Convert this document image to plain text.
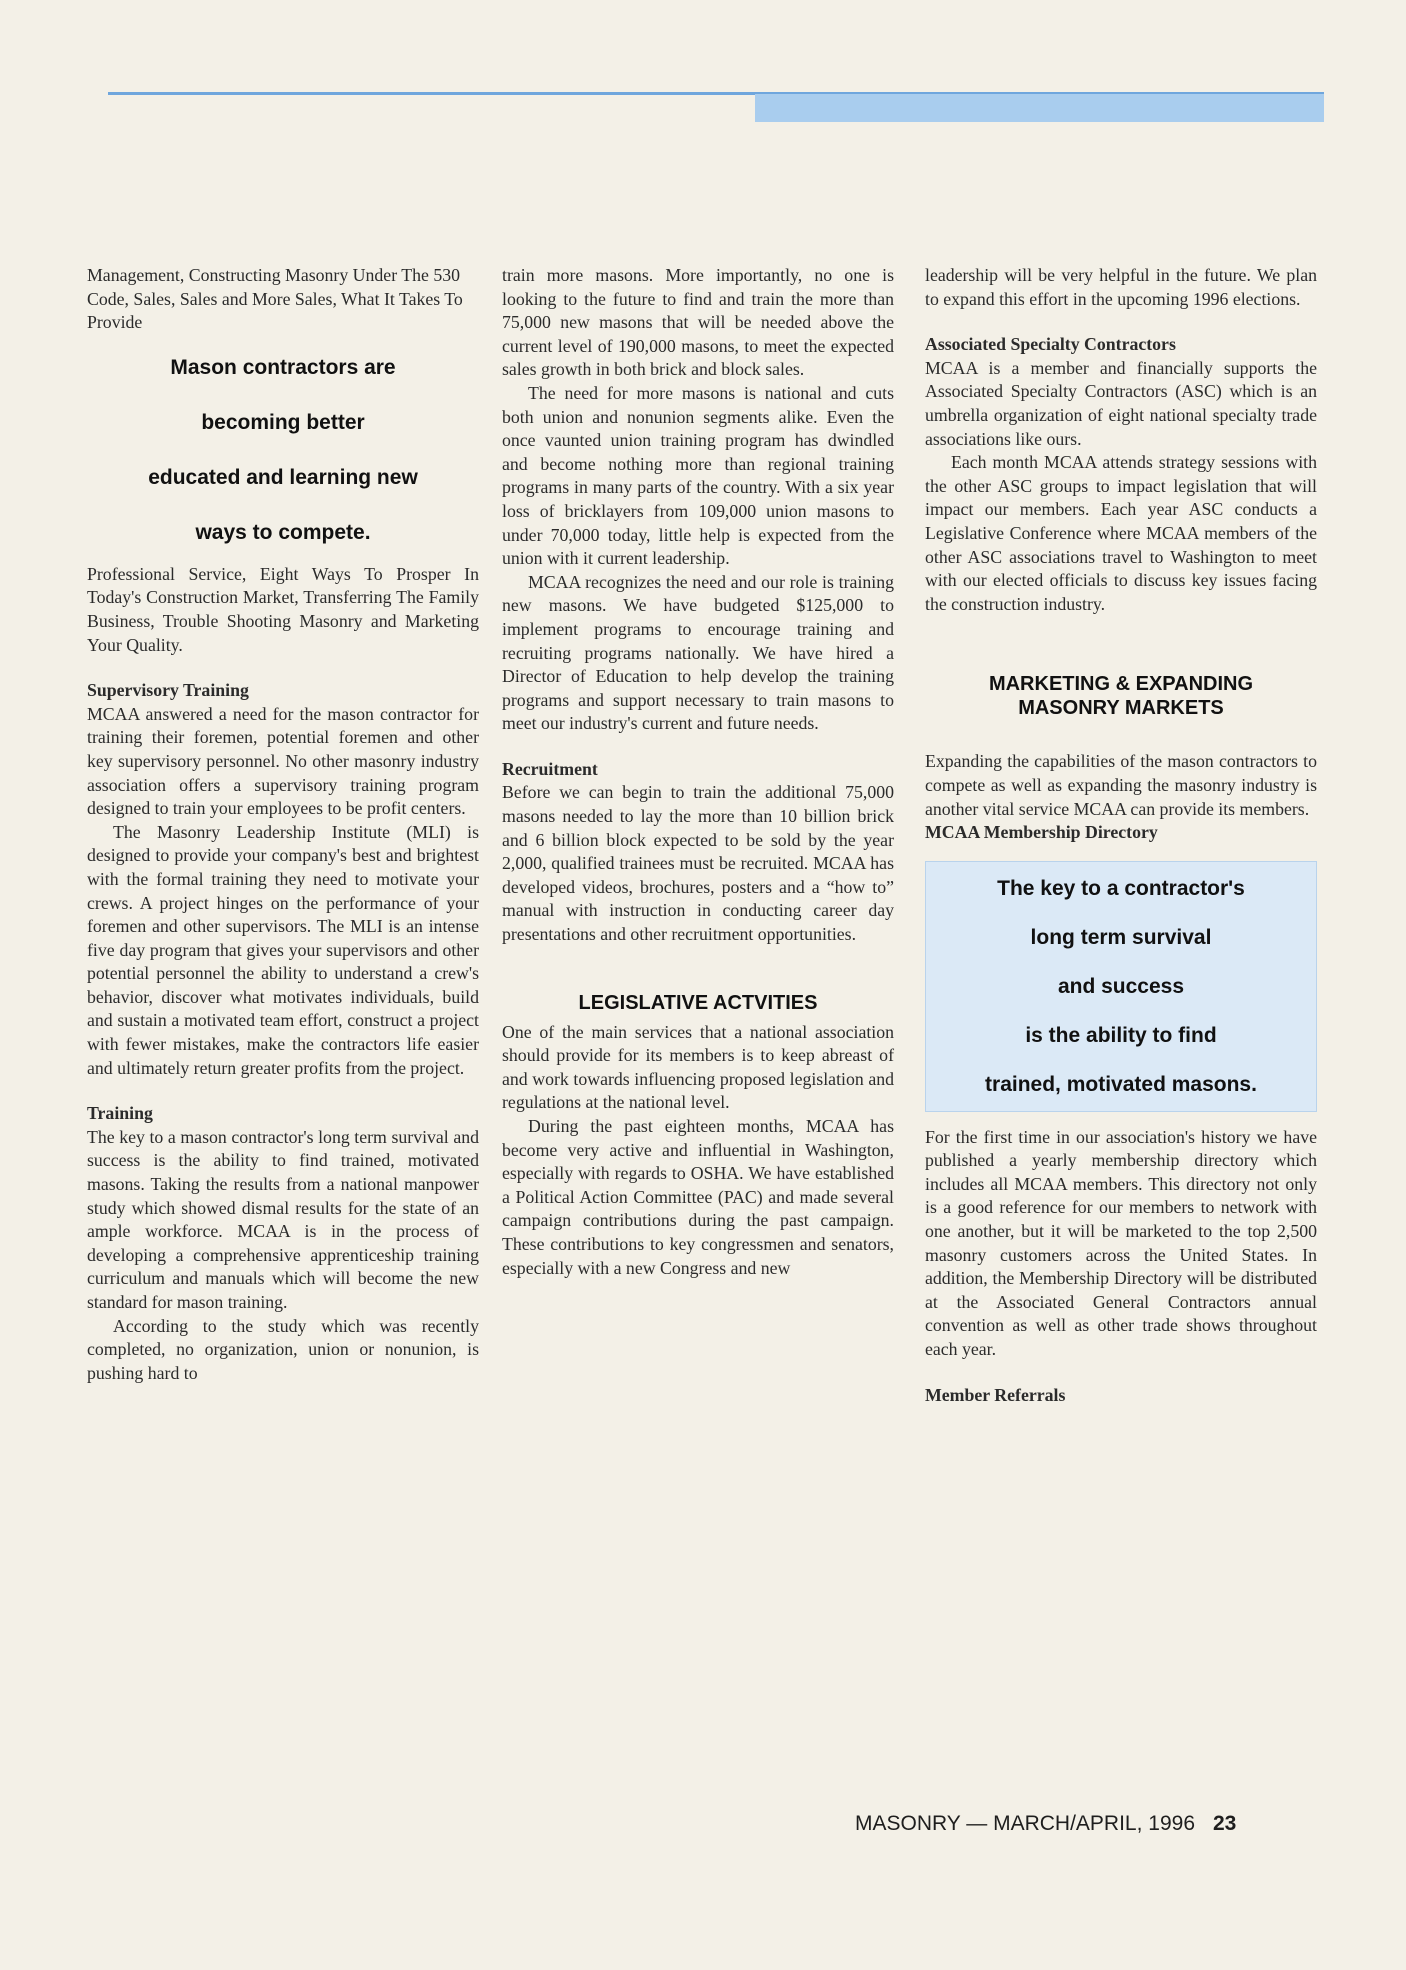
Management, Constructing Masonry Under The 530 Code, Sales, Sales and More Sales, What It Takes To Provide

Mason contractors are
becoming better
educated and learning new
ways to compete.

Professional Service, Eight Ways To Prosper In Today's Construction Market, Transferring The Family Business, Trouble Shooting Masonry and Marketing Your Quality.

Supervisory Training

MCAA answered a need for the mason contractor for training their foremen, potential foremen and other key supervisory personnel. No other masonry industry association offers a supervisory training program designed to train your employees to be profit centers.

The Masonry Leadership Institute (MLI) is designed to provide your company's best and brightest with the formal training they need to motivate your crews. A project hinges on the performance of your foremen and other supervisors. The MLI is an intense five day program that gives your supervisors and other potential personnel the ability to understand a crew's behavior, discover what motivates individuals, build and sustain a motivated team effort, construct a project with fewer mistakes, make the contractors life easier and ultimately return greater profits from the project.

Training

The key to a mason contractor's long term survival and success is the ability to find trained, motivated masons. Taking the results from a national manpower study which showed dismal results for the state of an ample workforce. MCAA is in the process of developing a comprehensive apprenticeship training curriculum and manuals which will become the new standard for mason training.

According to the study which was recently completed, no organization, union or nonunion, is pushing hard to

train more masons. More importantly, no one is looking to the future to find and train the more than 75,000 new masons that will be needed above the current level of 190,000 masons, to meet the expected sales growth in both brick and block sales.

The need for more masons is national and cuts both union and nonunion segments alike. Even the once vaunted union training program has dwindled and become nothing more than regional training programs in many parts of the country. With a six year loss of bricklayers from 109,000 union masons to under 70,000 today, little help is expected from the union with it current leadership.

MCAA recognizes the need and our role is training new masons. We have budgeted $125,000 to implement programs to encourage training and recruiting programs nationally. We have hired a Director of Education to help develop the training programs and support necessary to train masons to meet our industry's current and future needs.

Recruitment

Before we can begin to train the additional 75,000 masons needed to lay the more than 10 billion brick and 6 billion block expected to be sold by the year 2,000, qualified trainees must be recruited. MCAA has developed videos, brochures, posters and a “how to” manual with instruction in conducting career day presentations and other recruitment opportunities.

LEGISLATIVE ACTVITIES

One of the main services that a national association should provide for its members is to keep abreast of and work towards influencing proposed legislation and regulations at the national level.

During the past eighteen months, MCAA has become very active and influential in Washington, especially with regards to OSHA. We have established a Political Action Committee (PAC) and made several campaign contributions during the past campaign. These contributions to key congressmen and senators, especially with a new Congress and new

leadership will be very helpful in the future. We plan to expand this effort in the upcoming 1996 elections.

Associated Specialty Contractors

MCAA is a member and financially supports the Associated Specialty Contractors (ASC) which is an umbrella organization of eight national specialty trade associations like ours.

Each month MCAA attends strategy sessions with the other ASC groups to impact legislation that will impact our members. Each year ASC conducts a Legislative Conference where MCAA members of the other ASC associations travel to Washington to meet with our elected officials to discuss key issues facing the construction industry.

MARKETING & EXPANDING
MASONRY MARKETS

Expanding the capabilities of the mason contractors to compete as well as expanding the masonry industry is another vital service MCAA can provide its members.

MCAA Membership Directory
The key to a contractor's
long term survival
and success
is the ability to find
trained, motivated masons.

For the first time in our association's history we have published a yearly membership directory which includes all MCAA members. This directory not only is a good reference for our members to network with one another, but it will be marketed to the top 2,500 masonry customers across the United States. In addition, the Membership Directory will be distributed at the Associated General Contractors annual convention as well as other trade shows throughout each year.

Member Referrals
MASONRY — MARCH/APRIL, 1996 23
